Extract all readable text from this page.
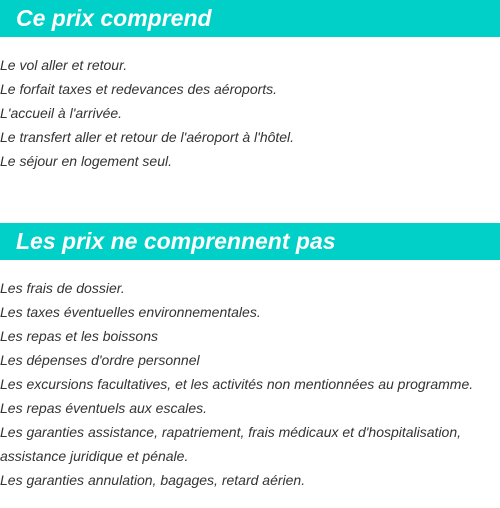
Ce prix comprend
Le vol aller et retour.
Le forfait taxes et redevances des aéroports.
L'accueil à l'arrivée.
Le transfert aller et retour de l'aéroport à l'hôtel.
Le séjour en logement seul.
Les prix ne comprennent pas
Les frais de dossier.
Les taxes éventuelles environnementales.
Les repas et les boissons
Les dépenses d'ordre personnel
Les excursions facultatives, et les activités non mentionnées au programme.
Les repas éventuels aux escales.
Les garanties assistance, rapatriement, frais médicaux et d'hospitalisation,
assistance juridique et pénale.
Les garanties annulation, bagages, retard aérien.
